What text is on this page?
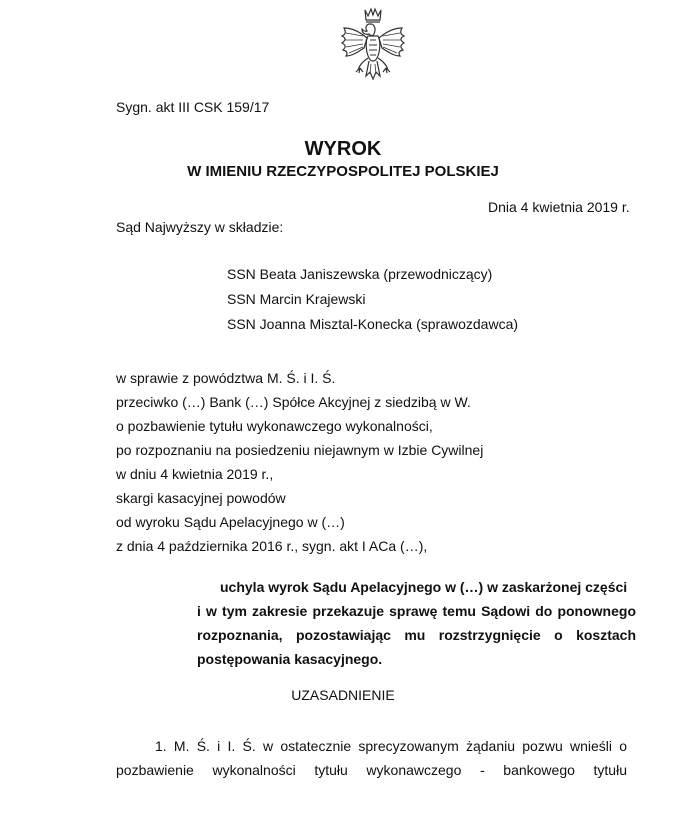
Sygn. akt III CSK 159/17
WYROK
W IMIENIU RZECZYPOSPOLITEJ POLSKIEJ
Dnia 4 kwietnia 2019 r.
Sąd Najwyższy w składzie:
SSN Beata Janiszewska (przewodniczący)
SSN Marcin Krajewski
SSN Joanna Misztal-Konecka (sprawozdawca)
w sprawie z powództwa M. Ś. i I. Ś.
przeciwko (…) Bank (…) Spółce Akcyjnej z siedzibą w W.
o pozbawienie tytułu wykonawczego wykonalności,
po rozpoznaniu na posiedzeniu niejawnym w Izbie Cywilnej
w dniu 4 kwietnia 2019 r.,
skargi kasacyjnej powodów
od wyroku Sądu Apelacyjnego w (…)
z dnia 4 października 2016 r., sygn. akt I ACa (…),
uchyla wyrok Sądu Apelacyjnego w (…) w zaskarżonej części
i w tym zakresie przekazuje sprawę temu Sądowi do ponownego
rozpoznania, pozostawiając mu rozstrzygnięcie o kosztach
postępowania kasacyjnego.
UZASADNIENIE
1. M. Ś. i I. Ś. w ostatecznie sprecyzowanym żądaniu pozwu wnieśli o
pozbawienie wykonalności tytułu wykonawczego - bankowego tytułu
